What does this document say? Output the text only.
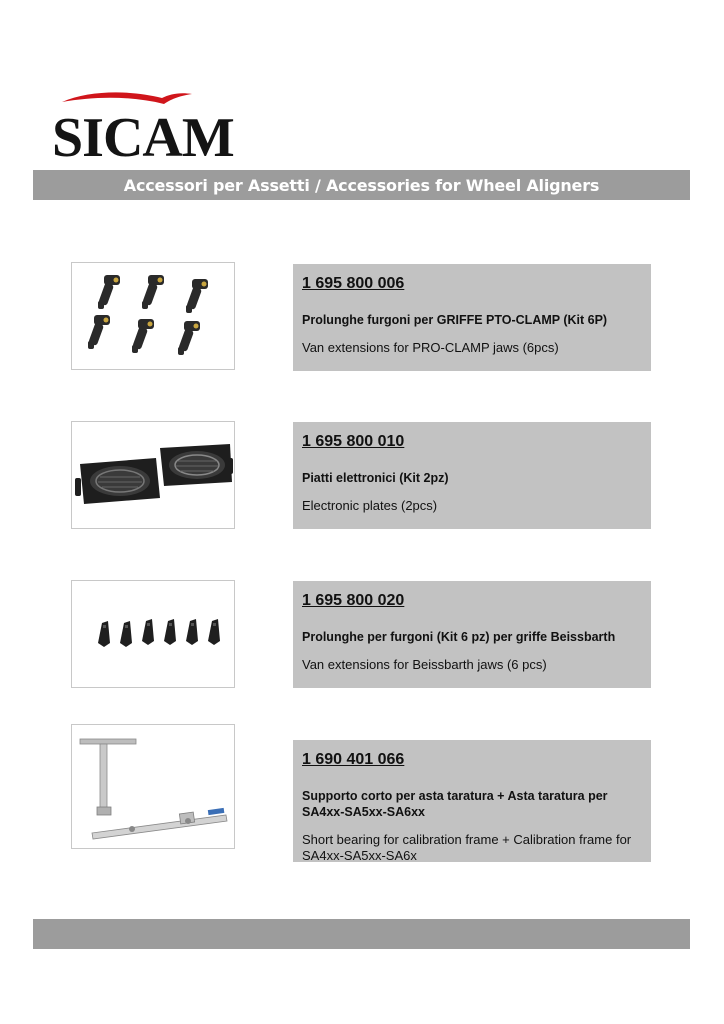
SICAM
Accessori per Assetti / Accessories for Wheel Aligners

1 695 800 006

Prolunghe furgoni per GRIFFE PTO-CLAMP (Kit 6P)

Van extensions for PRO-CLAMP jaws (6pcs)

1 695 800 010

Piatti elettronici (Kit 2pz)

Electronic plates (2pcs)

1 695 800 020

Prolunghe per furgoni (Kit 6 pz) per griffe Beissbarth

Van extensions for Beissbarth jaws (6 pcs)

1 690 401 066

Supporto corto per asta taratura + Asta taratura per SA4xx-SA5xx-SA6xx

Short bearing for calibration frame + Calibration frame for SA4xx-SA5xx-SA6x
